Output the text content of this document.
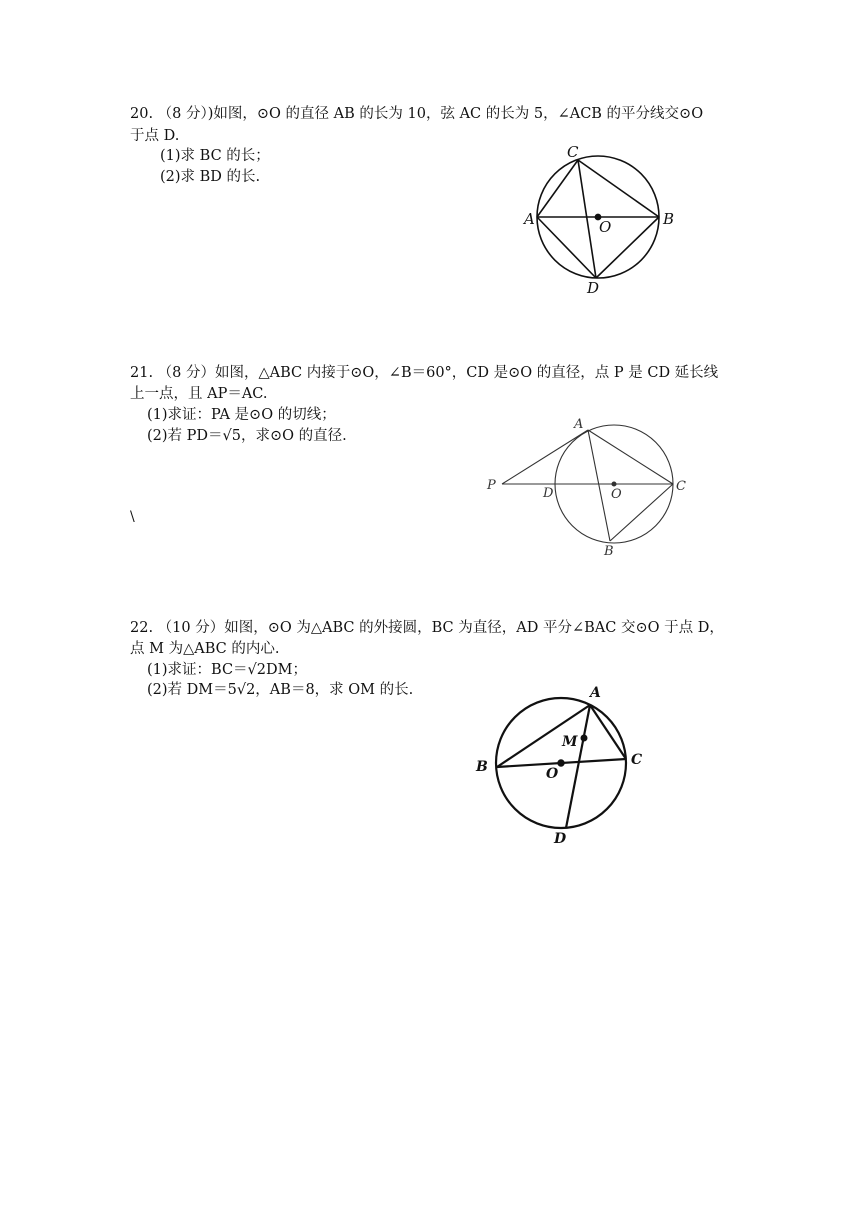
20. （8 分）)如图，⊙O 的直径 AB 的长为 10，弦 AC 的长为 5，∠ACB 的平分线交⊙O
于点 D.
(1)求 BC 的长；
(2)求 BD 的长.
21. （8 分）如图，△ABC 内接于⊙O，∠B＝60°，CD 是⊙O 的直径，点 P 是 CD 延长线
上一点，且 AP＝AC.
(1)求证：PA 是⊙O 的切线；
(2)若 PD＝√5，求⊙O 的直径.
\
22. （10 分）如图，⊙O 为△ABC 的外接圆，BC 为直径，AD 平分∠BAC 交⊙O 于点 D，
点 M 为△ABC 的内心.
(1)求证：BC＝√2DM；
(2)若 DM＝5√2，AB＝8，求 OM 的长.
C
A	O	B
D
A
P
D	O
C
B
A
M
B	O
C
D
